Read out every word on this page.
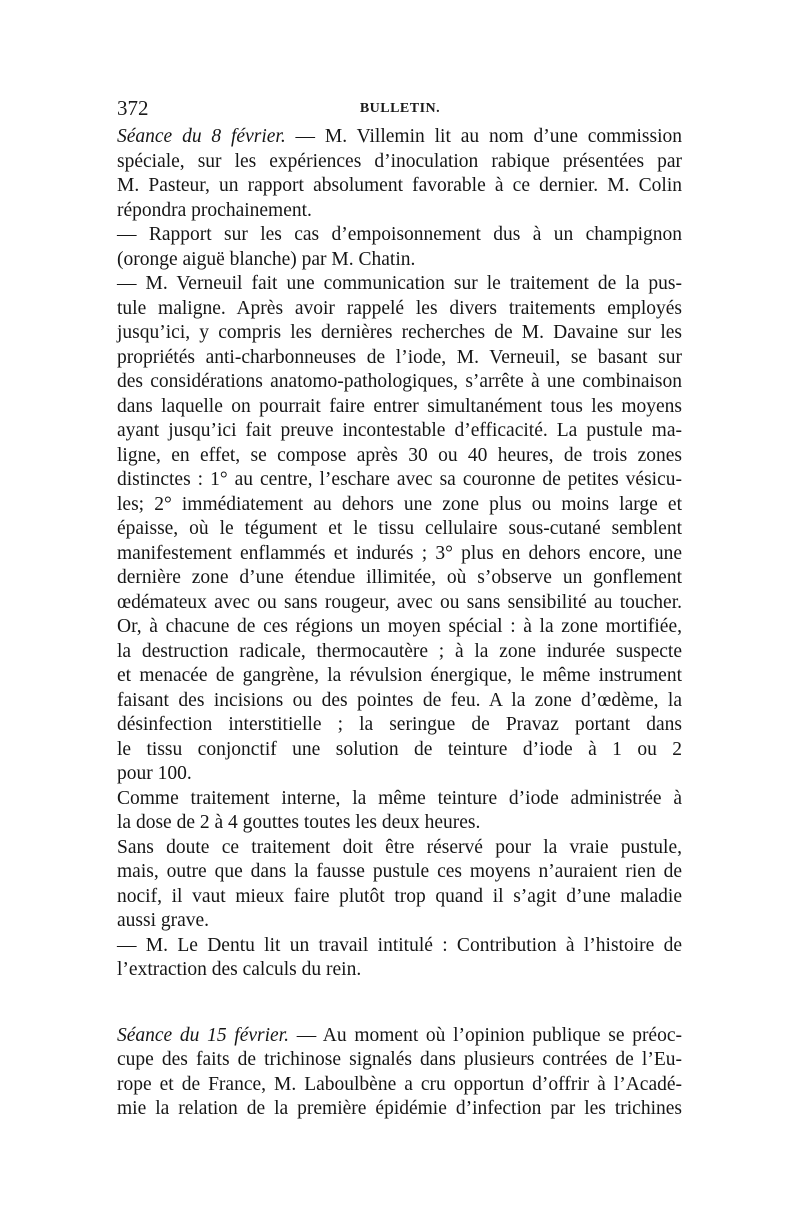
372	BULLETIN.
Séance du 8 février. — M. Villemin lit au nom d’une commission
spéciale, sur les expériences d’inoculation rabique présentées par
M. Pasteur, un rapport absolument favorable à ce dernier. M. Colin
répondra prochainement.
— Rapport sur les cas d’empoisonnement dus à un champignon
(oronge aiguë blanche) par M. Chatin.
— M. Verneuil fait une communication sur le traitement de la pus-
tule maligne. Après avoir rappelé les divers traitements employés
jusqu’ici, y compris les dernières recherches de M. Davaine sur les
propriétés anti-charbonneuses de l’iode, M. Verneuil, se basant sur
des considérations anatomo-pathologiques, s’arrête à une combinaison
dans laquelle on pourrait faire entrer simultanément tous les moyens
ayant jusqu’ici fait preuve incontestable d’efficacité. La pustule ma-
ligne, en effet, se compose après 30 ou 40 heures, de trois zones
distinctes : 1° au centre, l’eschare avec sa couronne de petites vésicu-
les; 2° immédiatement au dehors une zone plus ou moins large et
épaisse, où le tégument et le tissu cellulaire sous-cutané semblent
manifestement enflammés et indurés ; 3° plus en dehors encore, une
dernière zone d’une étendue illimitée, où s’observe un gonflement
œdémateux avec ou sans rougeur, avec ou sans sensibilité au toucher.
Or, à chacune de ces régions un moyen spécial : à la zone mortifiée,
la destruction radicale, thermocautère ; à la zone indurée suspecte
et menacée de gangrène, la révulsion énergique, le même instrument
faisant des incisions ou des pointes de feu. A la zone d’œdème, la
désinfection interstitielle ; la seringue de Pravaz portant dans
le tissu conjonctif une solution de teinture d’iode à 1 ou 2
pour 100.
Comme traitement interne, la même teinture d’iode administrée à
la dose de 2 à 4 gouttes toutes les deux heures.
Sans doute ce traitement doit être réservé pour la vraie pustule,
mais, outre que dans la fausse pustule ces moyens n’auraient rien de
nocif, il vaut mieux faire plutôt trop quand il s’agit d’une maladie
aussi grave.
— M. Le Dentu lit un travail intitulé : Contribution à l’histoire de
l’extraction des calculs du rein.
Séance du 15 février. — Au moment où l’opinion publique se préoc-
cupe des faits de trichinose signalés dans plusieurs contrées de l’Eu-
rope et de France, M. Laboulbène a cru opportun d’offrir à l’Acadé-
mie la relation de la première épidémie d’infection par les trichines
